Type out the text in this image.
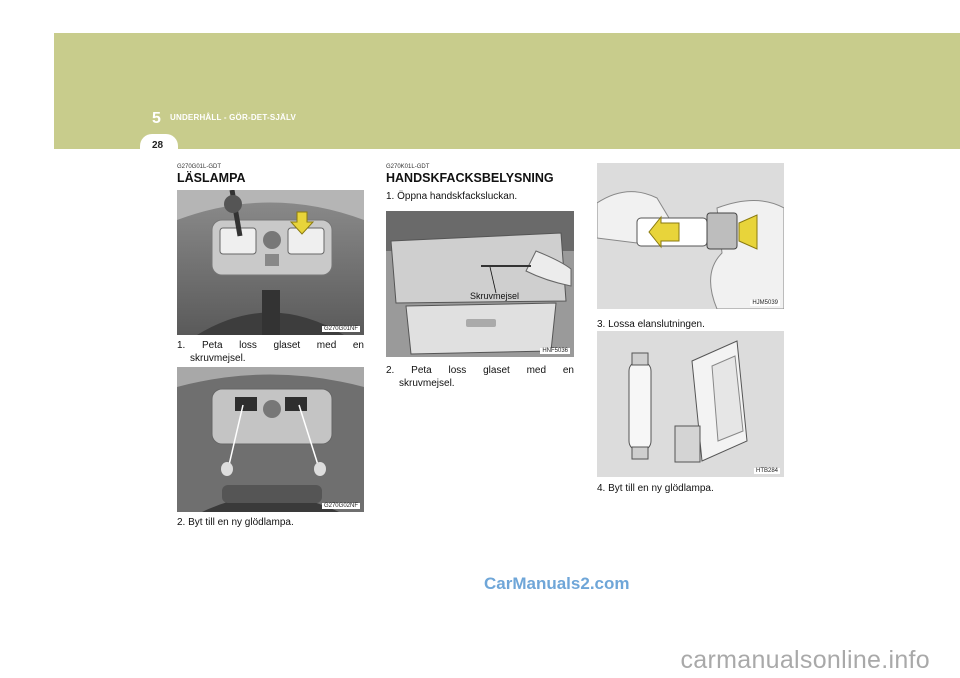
5 UNDERHÅLL - GÖR-DET-SJÄLV
28
G270G01L-GDT
LÄSLAMPA
G270G01NF
1. Peta loss glaset med en
skruvmejsel.
G270G02NF
2. Byt till en ny glödlampa.
G270K01L-GDT
HANDSKFACKSBELYSNING
1. Öppna handskfacksluckan.
Skruvmejsel
HNF5036
2. Peta loss glaset med en
skruvmejsel.
HJM5039
3. Lossa elanslutningen.
HTB284
4. Byt till en ny glödlampa.
CarManuals2.com
carmanualsonline.info
